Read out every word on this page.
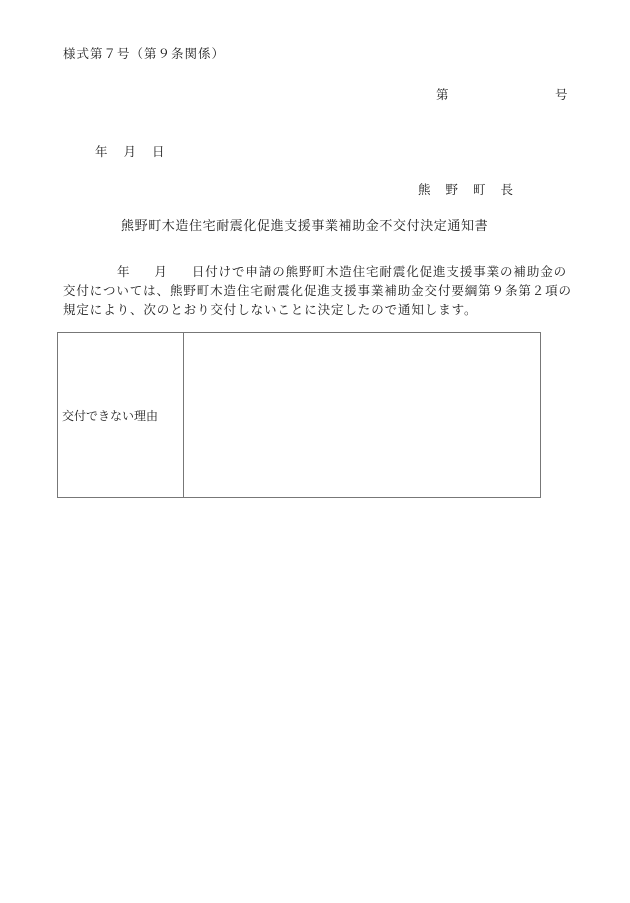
様式第７号（第９条関係）
第	号
年 月 日
熊 野 町 長
熊野町木造住宅耐震化促進支援事業補助金不交付決定通知書
年 月 日付けで申請の熊野町木造住宅耐震化促進支援事業の補助金の
交付については、熊野町木造住宅耐震化促進支援事業補助金交付要綱第９条第２項の
規定により、次のとおり交付しないことに決定したので通知します。
交付できない理由
